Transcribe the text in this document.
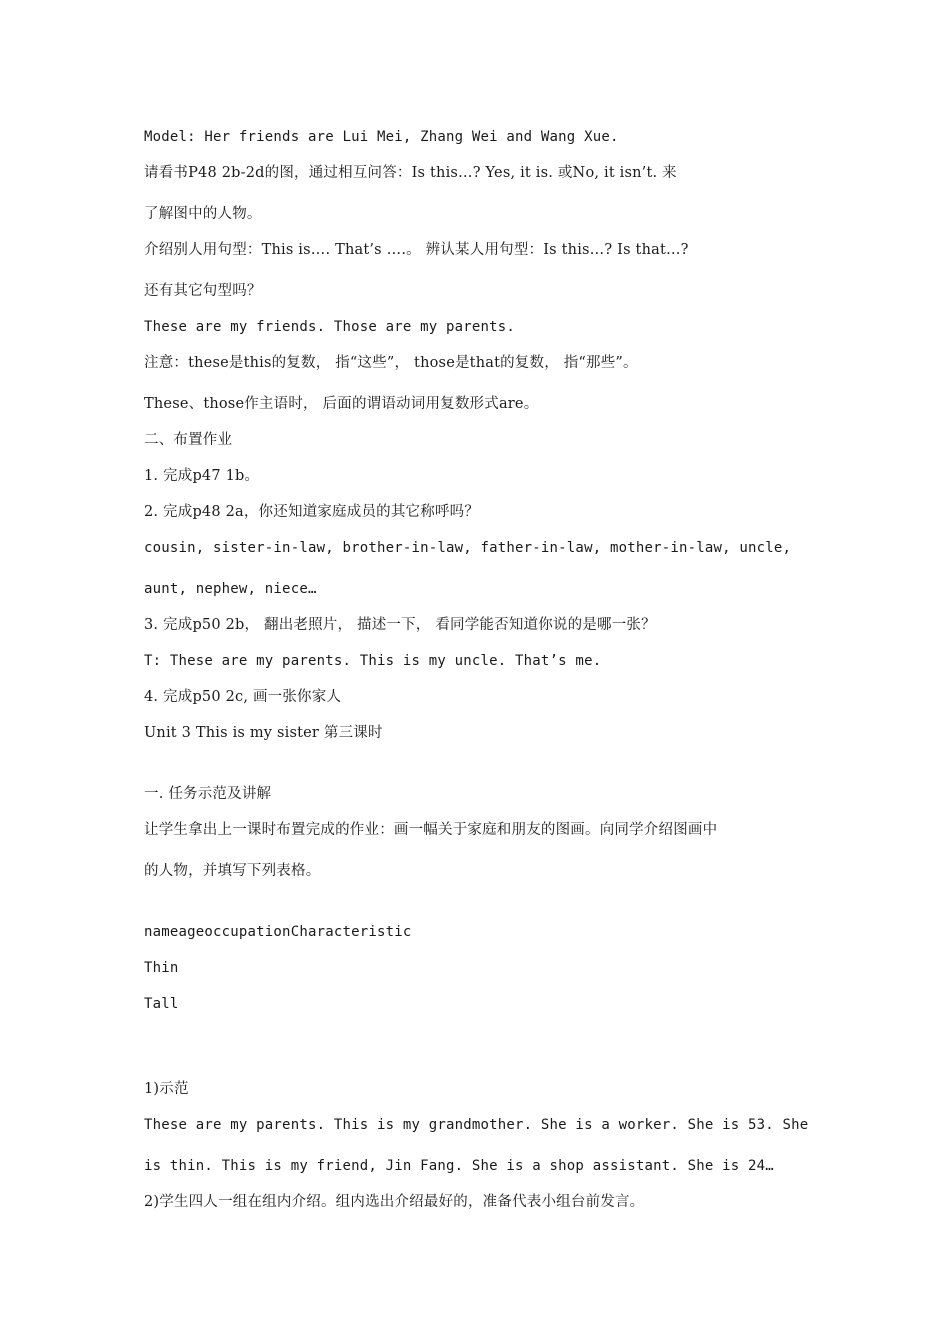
Model: Her friends are Lui Mei, Zhang Wei and Wang Xue.
请看书P48 2b-2d的图，通过相互问答：Is this…? Yes, it is. 或No, it isn’t. 来
了解图中的人物。
介绍别人用句型：This is…. That’s ….。 辨认某人用句型：Is this…? Is that…?
还有其它句型吗？
These are my friends. Those are my parents.
注意：these是this的复数， 指“这些”， those是that的复数， 指“那些”。
These、those作主语时， 后面的谓语动词用复数形式are。
二、布置作业
1. 完成p47 1b。
2. 完成p48 2a，你还知道家庭成员的其它称呼吗？
cousin, sister-in-law, brother-in-law, father-in-law, mother-in-law, uncle,
aunt, nephew, niece…
3. 完成p50 2b， 翻出老照片， 描述一下， 看同学能否知道你说的是哪一张？
T: These are my parents. This is my uncle. That’s me.
4. 完成p50 2c, 画一张你家人
Unit 3 This is my sister 第三课时
一. 任务示范及讲解
让学生拿出上一课时布置完成的作业：画一幅关于家庭和朋友的图画。向同学介绍图画中
的人物，并填写下列表格。
nameageoccupationCharacteristic
Thin
Tall
1)示范
These are my parents. This is my grandmother. She is a worker. She is 53. She
is thin. This is my friend, Jin Fang. She is a shop assistant. She is 24…
2)学生四人一组在组内介绍。组内选出介绍最好的，准备代表小组台前发言。
